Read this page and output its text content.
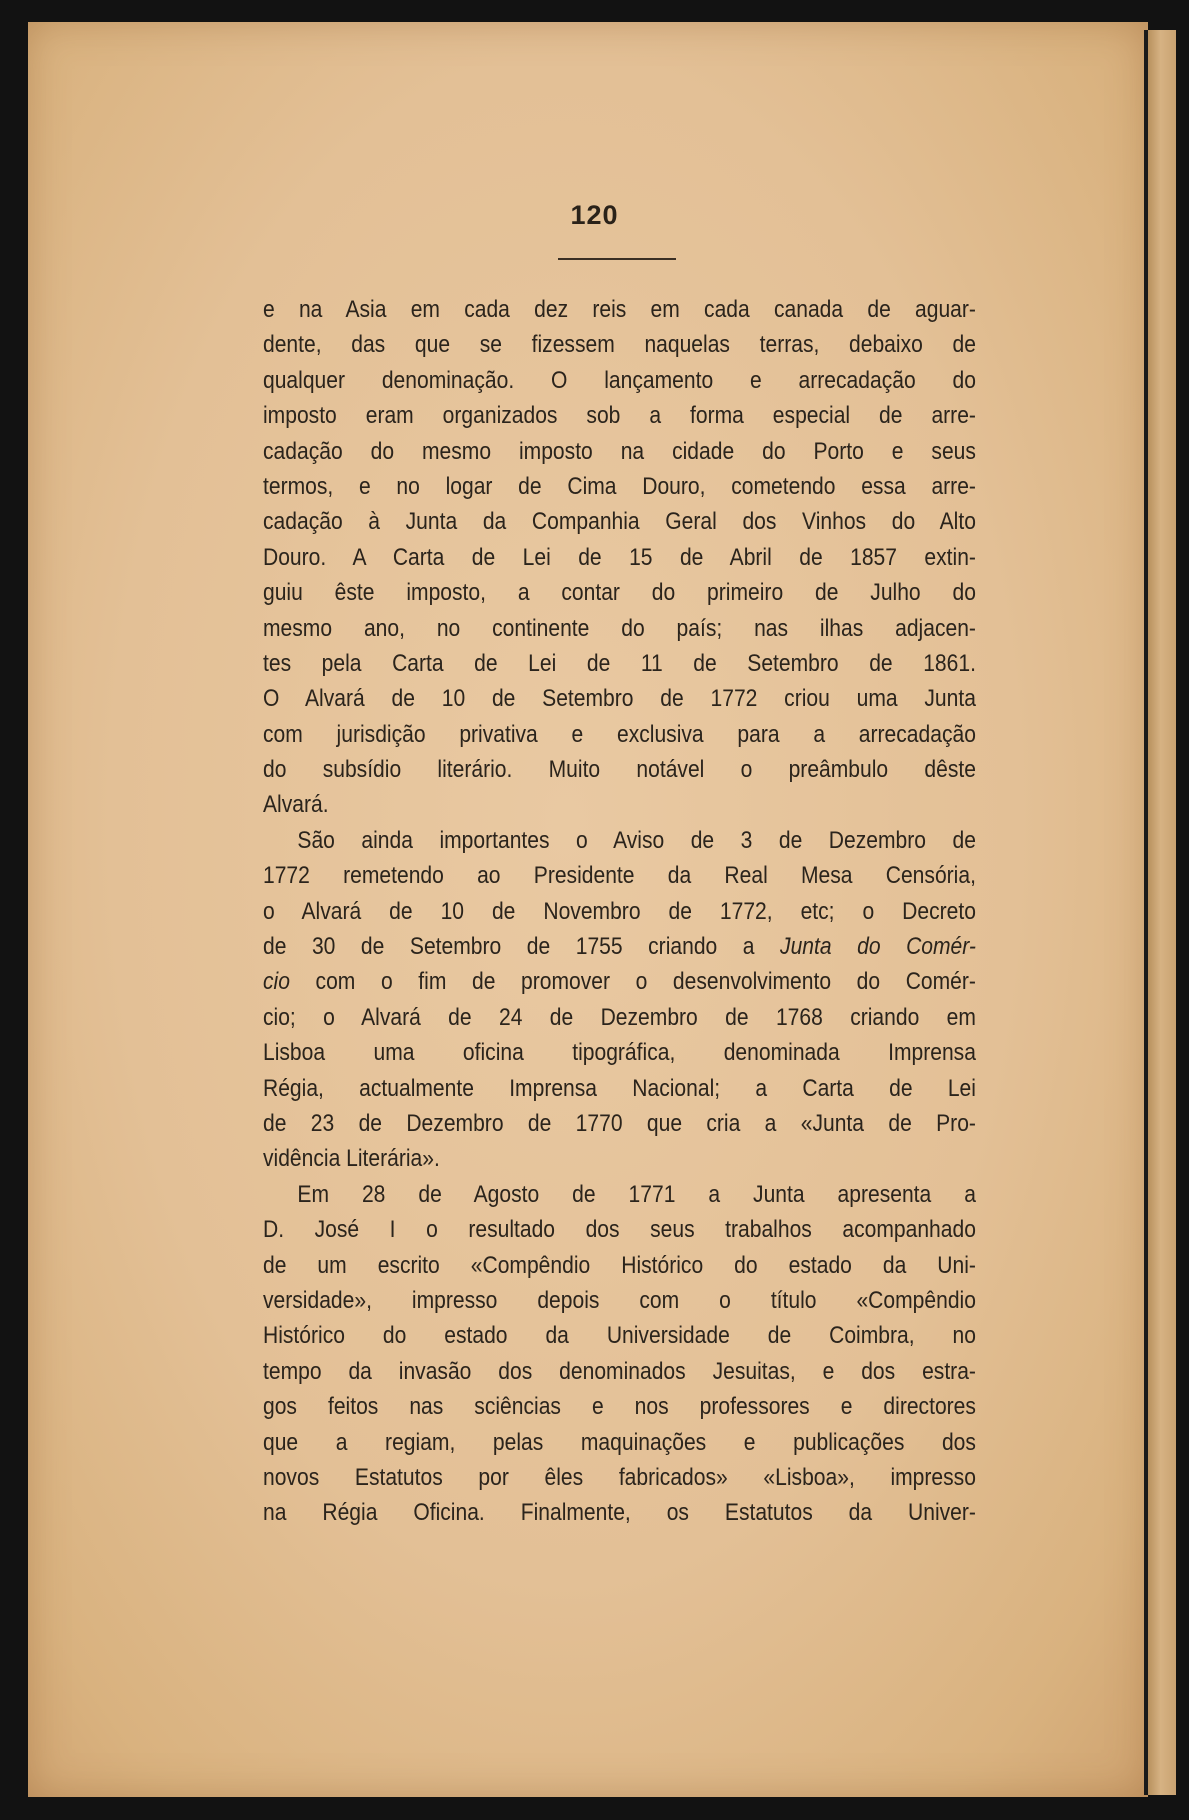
120
e na Asia em cada dez reis em cada canada de aguar-
dente, das que se fizessem naquelas terras, debaixo de
qualquer denominação. O lançamento e arrecadação do
imposto eram organizados sob a forma especial de arre-
cadação do mesmo imposto na cidade do Porto e seus
termos, e no logar de Cima Douro, cometendo essa arre-
cadação à Junta da Companhia Geral dos Vinhos do Alto
Douro. A Carta de Lei de 15 de Abril de 1857 extin-
guiu êste imposto, a contar do primeiro de Julho do
mesmo ano, no continente do país; nas ilhas adjacen-
tes pela Carta de Lei de 11 de Setembro de 1861.
O Alvará de 10 de Setembro de 1772 criou uma Junta
com jurisdição privativa e exclusiva para a arrecadação
do subsídio literário. Muito notável o preâmbulo dêste
Alvará.
São ainda importantes o Aviso de 3 de Dezembro de
1772 remetendo ao Presidente da Real Mesa Censória,
o Alvará de 10 de Novembro de 1772, etc; o Decreto
de 30 de Setembro de 1755 criando a Junta do Comér-
cio com o fim de promover o desenvolvimento do Comér-
cio; o Alvará de 24 de Dezembro de 1768 criando em
Lisboa uma oficina tipográfica, denominada Imprensa
Régia, actualmente Imprensa Nacional; a Carta de Lei
de 23 de Dezembro de 1770 que cria a «Junta de Pro-
vidência Literária».
Em 28 de Agosto de 1771 a Junta apresenta a
D. José I o resultado dos seus trabalhos acompanhado
de um escrito «Compêndio Histórico do estado da Uni-
versidade», impresso depois com o título «Compêndio
Histórico do estado da Universidade de Coimbra, no
tempo da invasão dos denominados Jesuitas, e dos estra-
gos feitos nas sciências e nos professores e directores
que a regiam, pelas maquinações e publicações dos
novos Estatutos por êles fabricados» «Lisboa», impresso
na Régia Oficina. Finalmente, os Estatutos da Univer-
